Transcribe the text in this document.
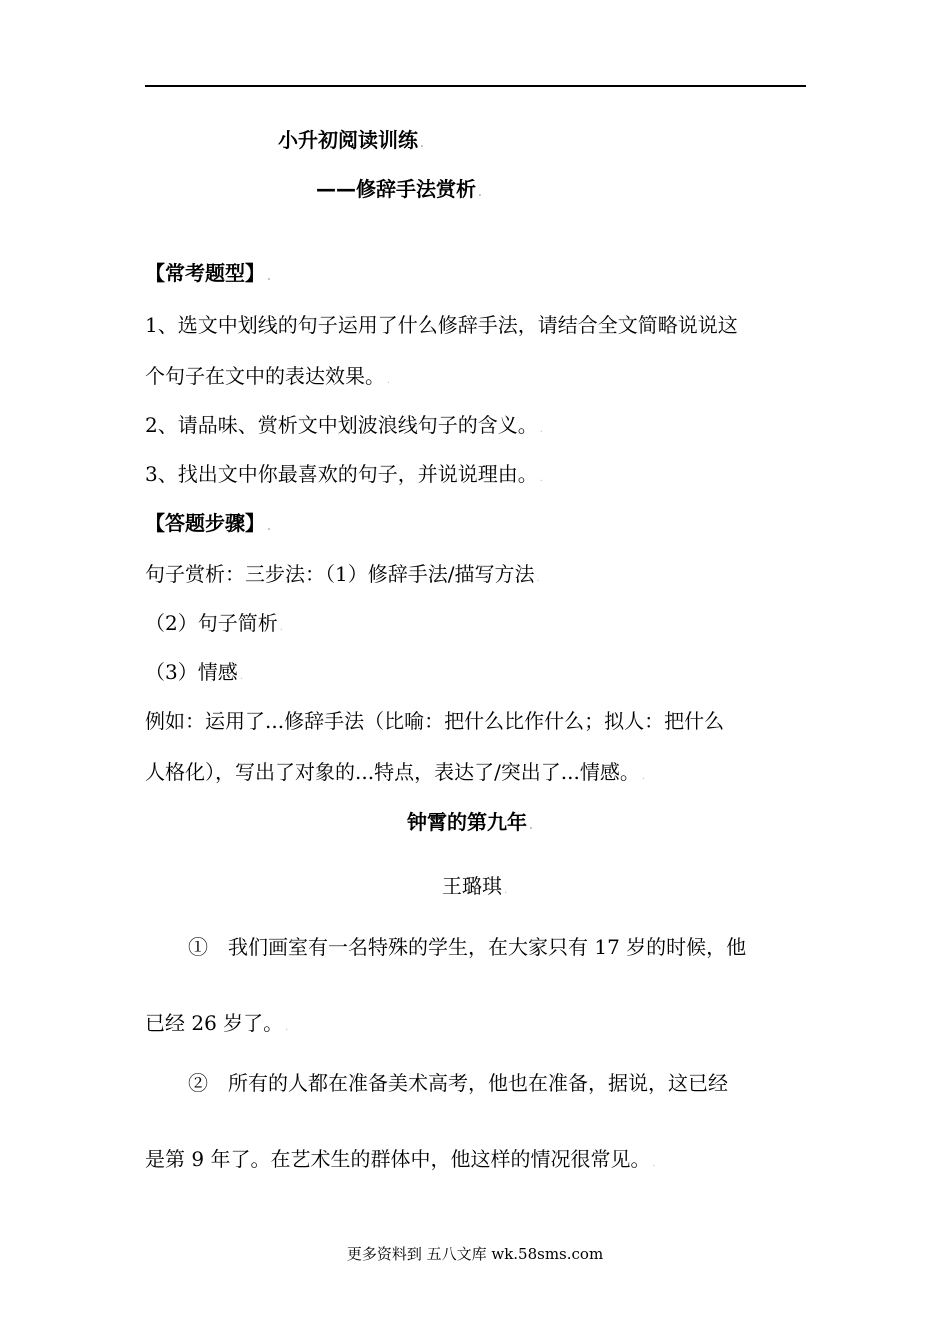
小升初阅读训练 .
——修辞手法赏析 .
【常考题型】 .
1、选文中划线的句子运用了什么修辞手法，请结合全文简略说说这
个句子在文中的表达效果。 .
2、请品味、赏析文中划波浪线句子的含义。 .
3、找出文中你最喜欢的句子，并说说理由。 .
【答题步骤】 .
句子赏析：三步法：（1）修辞手法/描写方法 .
（2）句子简析 .
（3）情感 .
例如：运用了...修辞手法（比喻：把什么比作什么；拟人：把什么
人格化），写出了对象的...特点，表达了/突出了...情感。 .
钟霄的第九年 .
王璐琪 .
①　我们画室有一名特殊的学生，在大家只有 17 岁的时候，他
已经 26 岁了。 .
②　所有的人都在准备美术高考，他也在准备，据说，这已经
是第 9 年了。在艺术生的群体中，他这样的情况很常见。 .
更多资料到 五八文库 wk.58sms.com
